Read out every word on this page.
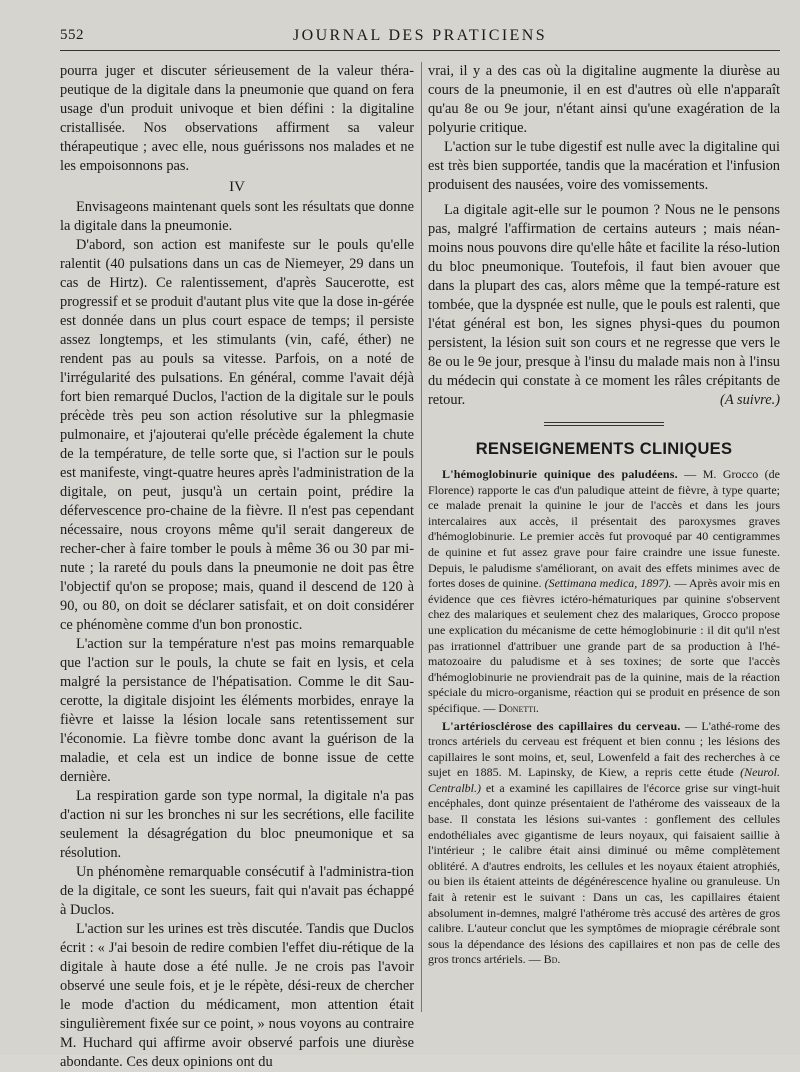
552	JOURNAL DES PRATICIENS

pourra juger et discuter sérieusement de la valeur théra-peutique de la digitale dans la pneumonie que quand on fera usage d'un produit univoque et bien défini : la digitaline cristallisée. Nos observations affirment sa valeur thérapeutique ; avec elle, nous guérissons nos malades et ne les empoisonnons pas.

IV

Envisageons maintenant quels sont les résultats que donne la digitale dans la pneumonie.

D'abord, son action est manifeste sur le pouls qu'elle ralentit (40 pulsations dans un cas de Niemeyer, 29 dans un cas de Hirtz). Ce ralentissement, d'après Saucerotte, est progressif et se produit d'autant plus vite que la dose in-gérée est donnée dans un plus court espace de temps; il persiste assez longtemps, et les stimulants (vin, café, éther) ne rendent pas au pouls sa vitesse. Parfois, on a noté de l'irrégularité des pulsations. En général, comme l'avait déjà fort bien remarqué Duclos, l'action de la digitale sur le pouls précède très peu son action résolutive sur la phlegmasie pulmonaire, et j'ajouterai qu'elle précède également la chute de la température, de telle sorte que, si l'action sur le pouls est manifeste, vingt-quatre heures après l'administration de la digitale, on peut, jusqu'à un certain point, prédire la défervescence pro-chaine de la fièvre. Il n'est pas cependant nécessaire, nous croyons même qu'il serait dangereux de recher-cher à faire tomber le pouls à même 36 ou 30 par mi-nute ; la rareté du pouls dans la pneumonie ne doit pas être l'objectif qu'on se propose; mais, quand il descend de 120 à 90, ou 80, on doit se déclarer satisfait, et on doit considérer ce phénomène comme d'un bon pronostic.

L'action sur la température n'est pas moins remarquable que l'action sur le pouls, la chute se fait en lysis, et cela malgré la persistance de l'hépatisation. Comme le dit Sau-cerotte, la digitale disjoint les éléments morbides, enraye la fièvre et laisse la lésion locale sans retentissement sur l'économie. La fièvre tombe donc avant la guérison de la maladie, et cela est un indice de bonne issue de cette dernière.

La respiration garde son type normal, la digitale n'a pas d'action ni sur les bronches ni sur les secrétions, elle facilite seulement la désagrégation du bloc pneumonique et sa résolution.

Un phénomène remarquable consécutif à l'administra-tion de la digitale, ce sont les sueurs, fait qui n'avait pas échappé à Duclos.

L'action sur les urines est très discutée. Tandis que Duclos écrit : « J'ai besoin de redire combien l'effet diu-rétique de la digitale à haute dose a été nulle. Je ne crois pas l'avoir observé une seule fois, et je le répète, dési-reux de chercher le mode d'action du médicament, mon attention était singulièrement fixée sur ce point, » nous voyons au contraire M. Huchard qui affirme avoir observé parfois une diurèse abondante. Ces deux opinions ont du

vrai, il y a des cas où la digitaline augmente la diurèse au cours de la pneumonie, il en est d'autres où elle n'apparaît qu'au 8e ou 9e jour, n'étant ainsi qu'une exagération de la polyurie critique.

L'action sur le tube digestif est nulle avec la digitaline qui est très bien supportée, tandis que la macération et l'infusion produisent des nausées, voire des vomissements.

La digitale agit-elle sur le poumon ? Nous ne le pensons pas, malgré l'affirmation de certains auteurs ; mais néan-moins nous pouvons dire qu'elle hâte et facilite la réso-lution du bloc pneumonique. Toutefois, il faut bien avouer que dans la plupart des cas, alors même que la tempé-rature est tombée, que la dyspnée est nulle, que le pouls est ralenti, que l'état général est bon, les signes physi-ques du poumon persistent, la lésion suit son cours et ne regresse que vers le 8e ou le 9e jour, presque à l'insu du malade mais non à l'insu du médecin qui constate à ce moment les râles crépitants de retour.	(A suivre.)

RENSEIGNEMENTS CLINIQUES

L'hémoglobinurie quinique des paludéens. — M. Grocco (de Florence) rapporte le cas d'un paludique atteint de fièvre, à type quarte; ce malade prenait la quinine le jour de l'accès et dans les jours intercalaires aux accès, il présentait des paroxysmes graves d'hémoglobinurie. Le premier accès fut provoqué par 40 centigrammes de quinine et fut assez grave pour faire craindre une issue funeste. Depuis, le paludisme s'améliorant, on avait des effets minimes avec de fortes doses de quinine. (Settimana medica, 1897). — Après avoir mis en évidence que ces fièvres ictéro-hématuriques par quinine s'observent chez des malariques et seulement chez des malariques, Grocco propose une explication du mécanisme de cette hémoglobinurie : il dit qu'il n'est pas irrationnel d'attribuer une grande part de sa production à l'hé-matozoaire du paludisme et à ses toxines; de sorte que l'accès d'hémoglobinurie ne proviendrait pas de la quinine, mais de la réaction spéciale du micro-organisme, réaction qui se produit en présence de son spécifique. — Donetti.

L'artériosclérose des capillaires du cerveau. — L'athé-rome des troncs artériels du cerveau est fréquent et bien connu ; les lésions des capillaires le sont moins, et, seul, Lowenfeld a fait des recherches à ce sujet en 1885. M. Lapinsky, de Kiew, a repris cette étude (Neurol. Centralbl.) et a examiné les capillaires de l'écorce grise sur vingt-huit encéphales, dont quinze présentaient de l'athérome des vaisseaux de la base. Il constata les lésions sui-vantes : gonflement des cellules endothéliales avec gigantisme de leurs noyaux, qui faisaient saillie à l'intérieur ; le calibre était ainsi diminué ou même complètement oblitéré. A d'autres endroits, les cellules et les noyaux étaient atrophiés, ou bien ils étaient atteints de dégénérescence hyaline ou granuleuse. Un fait à retenir est le suivant : Dans un cas, les capillaires étaient absolument in-demnes, malgré l'athérome très accusé des artères de gros calibre. L'auteur conclut que les symptômes de miopragie cérébrale sont sous la dépendance des lésions des capillaires et non pas de celle des gros troncs artériels. — Bd.
